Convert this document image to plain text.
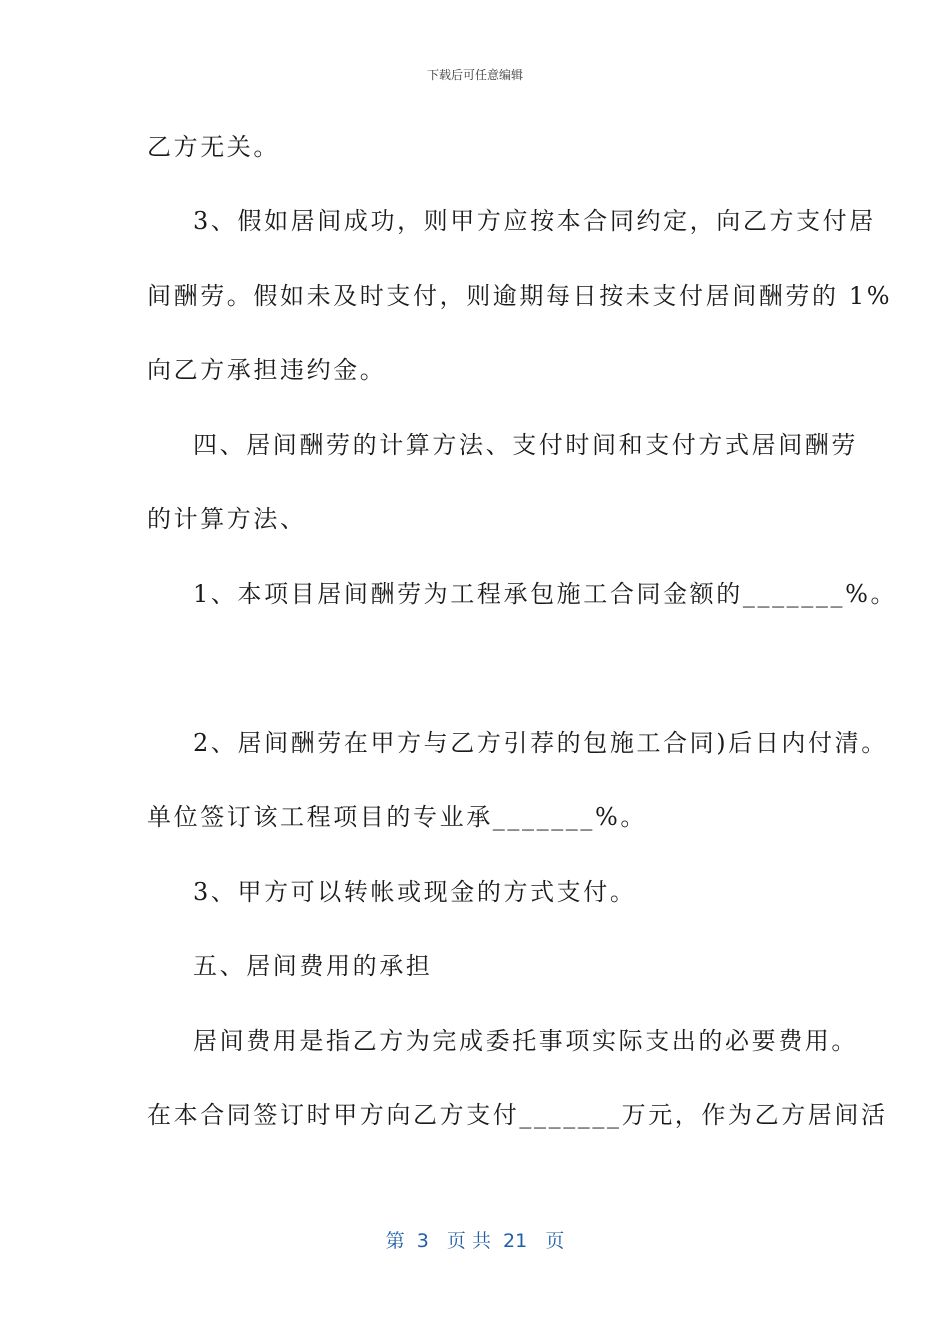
下载后可任意编辑
乙方无关。
3、假如居间成功，则甲方应按本合同约定，向乙方支付居
间酬劳。假如未及时支付，则逾期每日按未支付居间酬劳的 1%
向乙方承担违约金。
四、居间酬劳的计算方法、支付时间和支付方式居间酬劳
的计算方法、
1、本项目居间酬劳为工程承包施工合同金额的_______%。
2、居间酬劳在甲方与乙方引荐的包施工合同)后日内付清。
单位签订该工程项目的专业承_______%。
3、甲方可以转帐或现金的方式支付。
五、居间费用的承担
居间费用是指乙方为完成委托事项实际支出的必要费用。
在本合同签订时甲方向乙方支付_______万元，作为乙方居间活
第  3   页 共  21   页
